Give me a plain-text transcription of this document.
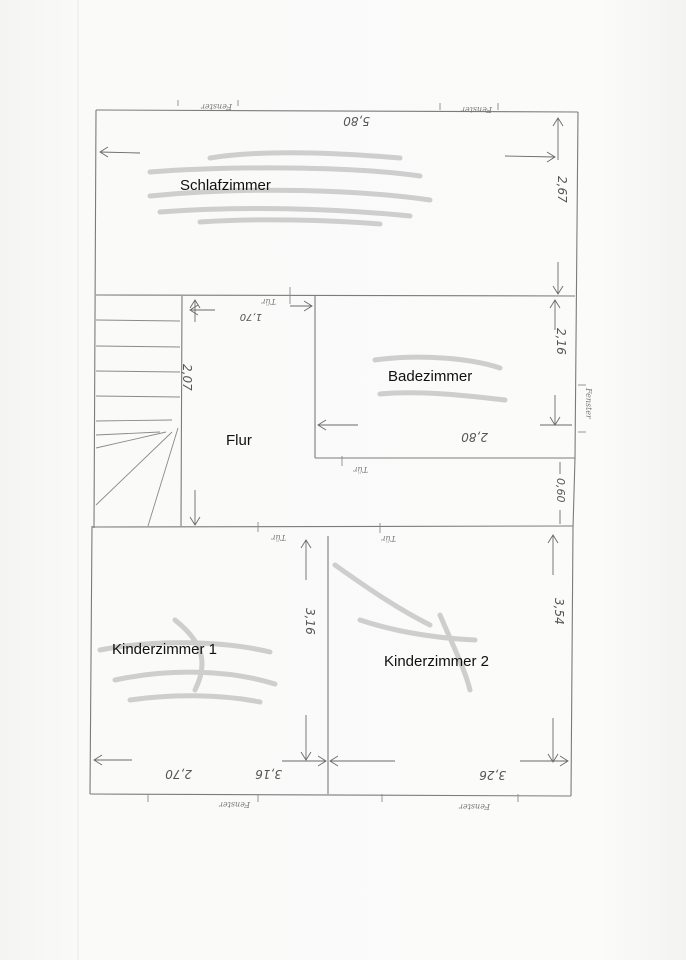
Schlafzimmer
Badezimmer
Flur
Kinderzimmer 1
Kinderzimmer 2
5,80
2,67
2,16
2,80
2,07
1,70
0,60
3,16	3,54
2,70	3,16	3,26
Fenster	Fenster
Fenster
Fenster	Fenster
Tür
Tür
Tür	Tür
